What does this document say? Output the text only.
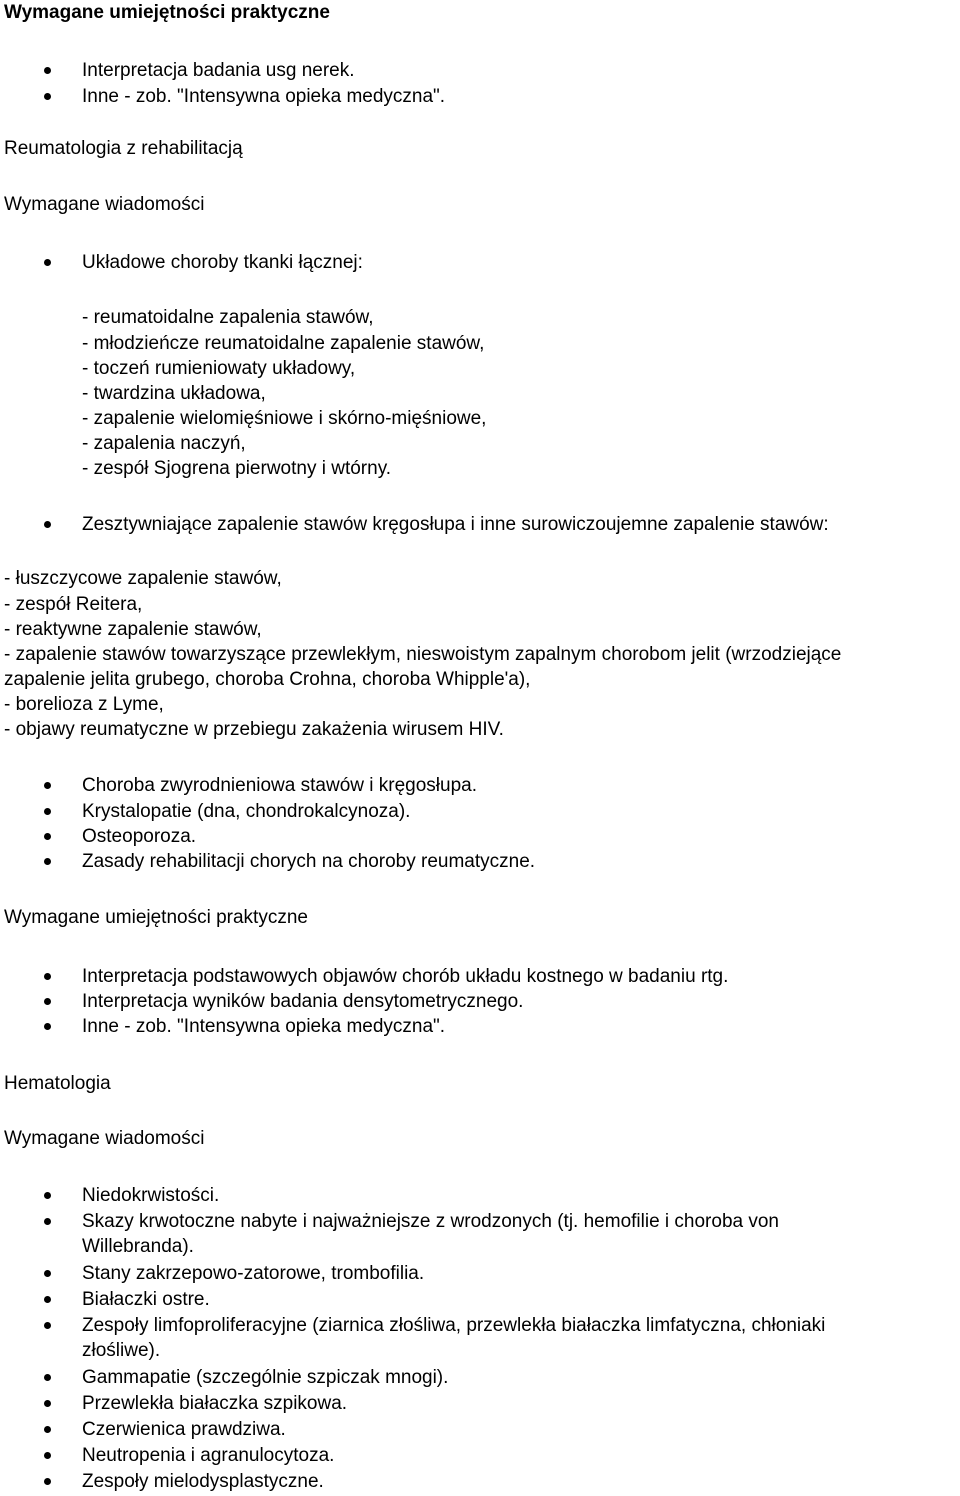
Wymagane umiejętności praktyczne
Interpretacja badania usg nerek.
Inne - zob. "Intensywna opieka medyczna".
Reumatologia z rehabilitacją
Wymagane wiadomości
Układowe choroby tkanki łącznej:
- reumatoidalne zapalenia stawów,
- młodzieńcze reumatoidalne zapalenie stawów,
- toczeń rumieniowaty układowy,
- twardzina układowa,
- zapalenie wielomięśniowe i skórno-mięśniowe,
- zapalenia naczyń,
- zespół Sjogrena pierwotny i wtórny.
Zesztywniające zapalenie stawów kręgosłupa i inne surowiczoujemne zapalenie stawów:
- łuszczycowe zapalenie stawów,
- zespół Reitera,
- reaktywne zapalenie stawów,
- zapalenie stawów towarzyszące przewlekłym, nieswoistym zapalnym chorobom jelit (wrzodziejące
zapalenie jelita grubego, choroba Crohna, choroba Whipple'a),
- borelioza z Lyme,
- objawy reumatyczne w przebiegu zakażenia wirusem HIV.
Choroba zwyrodnieniowa stawów i kręgosłupa.
Krystalopatie (dna, chondrokalcynoza).
Osteoporoza.
Zasady rehabilitacji chorych na choroby reumatyczne.
Wymagane umiejętności praktyczne
Interpretacja podstawowych objawów chorób układu kostnego w badaniu rtg.
Interpretacja wyników badania densytometrycznego.
Inne - zob. "Intensywna opieka medyczna".
Hematologia
Wymagane wiadomości
Niedokrwistości.
Skazy krwotoczne nabyte i najważniejsze z wrodzonych (tj. hemofilie i choroba von
Willebranda).
Stany zakrzepowo-zatorowe, trombofilia.
Białaczki ostre.
Zespoły limfoproliferacyjne (ziarnica złośliwa, przewlekła białaczka limfatyczna, chłoniaki
złośliwe).
Gammapatie (szczególnie szpiczak mnogi).
Przewlekła białaczka szpikowa.
Czerwienica prawdziwa.
Neutropenia i agranulocytoza.
Zespoły mielodysplastyczne.
